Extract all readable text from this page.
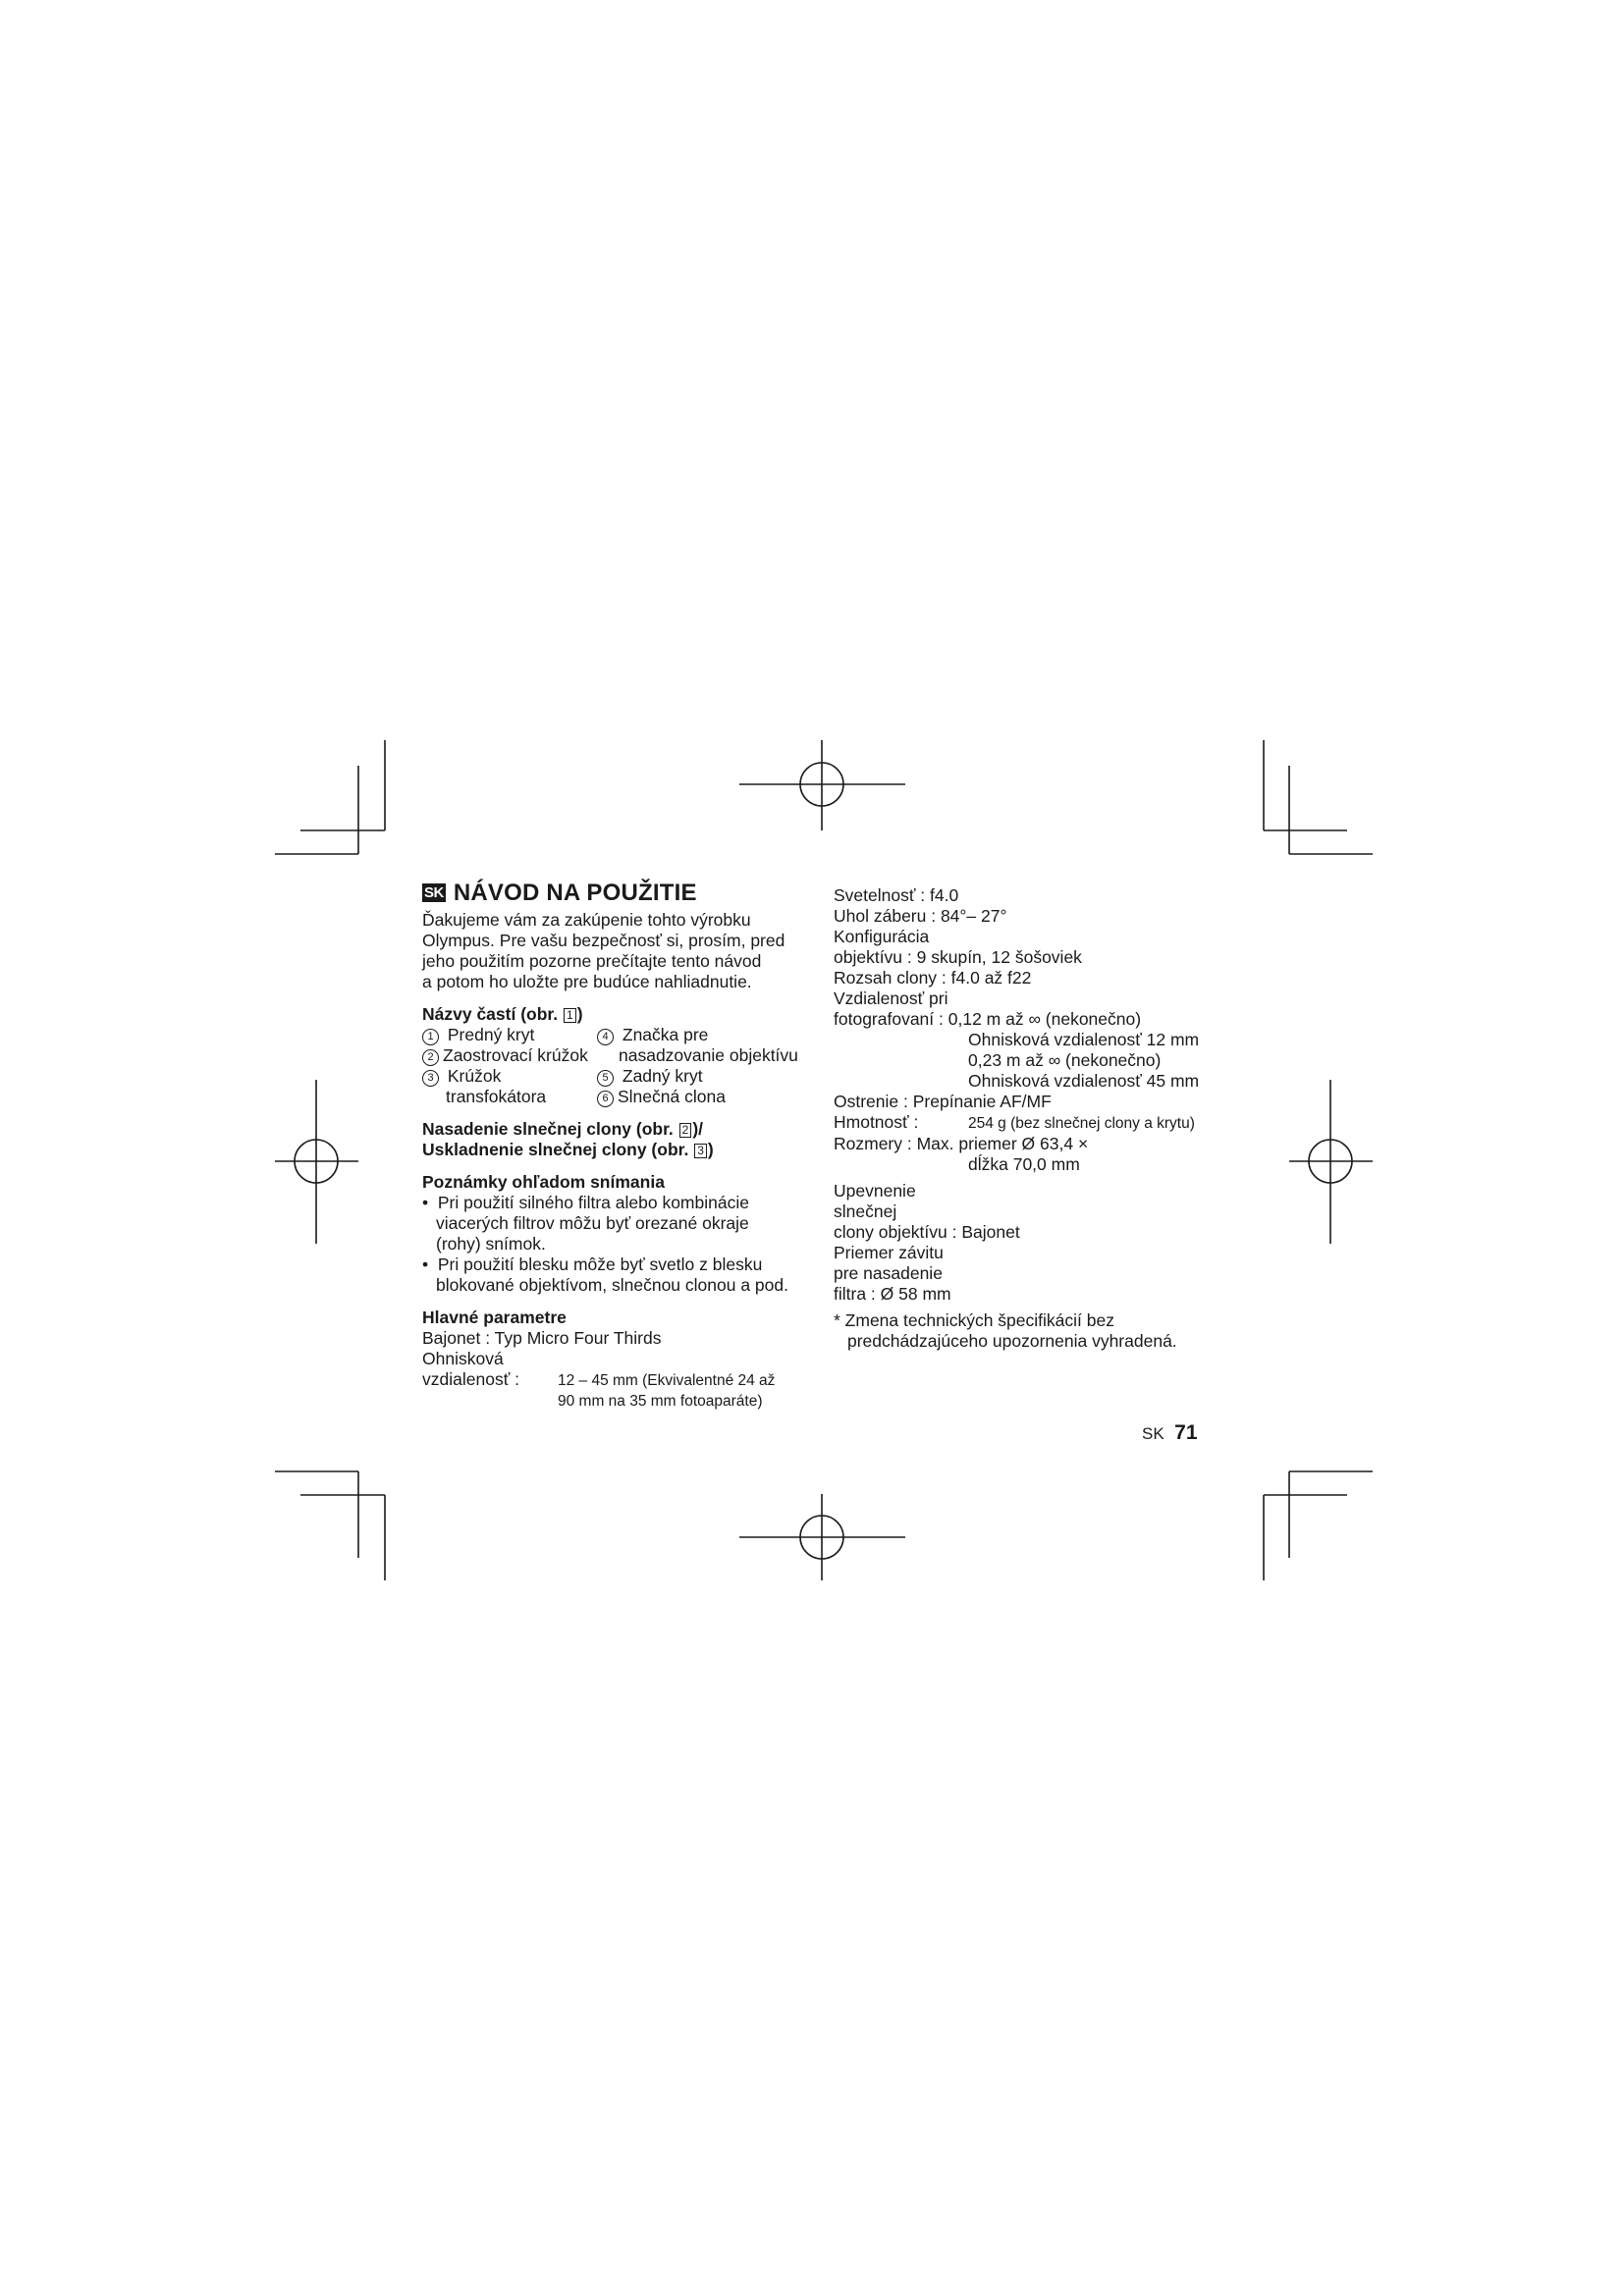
SK NÁVOD NA POUŽITIE

Ďakujeme vám za zakúpenie tohto výrobku

Olympus. Pre vašu bezpečnosť si, prosím, pred

jeho použitím pozorne prečítajte tento návod

a potom ho uložte pre budúce nahliadnutie.

Názvy častí (obr. 1 )

1 Predný kryt
2 Zaostrovací krúžok
3 Krúžok
transfokátora
4 Značka pre
nasadzovanie objektívu
5 Zadný kryt
6 Slnečná clona

Nasadenie slnečnej clony (obr. 2 )/

Uskladnenie slnečnej clony (obr. 3 )

Poznámky ohľadom snímania

•  Pri použití silného filtra alebo kombinácie

viacerých filtrov môžu byť orezané okraje

(rohy) snímok.

•  Pri použití blesku môže byť svetlo z blesku

blokované objektívom, slnečnou clonou a pod.

Hlavné parametre

Bajonet : Typ Micro Four Thirds

Ohnisková

vzdialenosť :	12 – 45 mm (Ekvivalentné 24 až

90 mm na 35 mm fotoaparáte)

Svetelnosť : f4.0

Uhol záberu : 84°– 27°

Konfigurácia

objektívu : 9 skupín, 12 šošoviek

Rozsah clony : f4.0 až f22

Vzdialenosť pri

fotografovaní : 0,12 m až ∞ (nekonečno)

Ohnisková vzdialenosť 12 mm

0,23 m až ∞ (nekonečno)

Ohnisková vzdialenosť 45 mm

Ostrenie : Prepínanie AF/MF

Hmotnosť :	254 g (bez slnečnej clony a krytu)

Rozmery : Max. priemer Ø 63,4 ×

dĺžka 70,0 mm

Upevnenie

slnečnej

clony objektívu : Bajonet

Priemer závitu

pre nasadenie

filtra : Ø 58 mm

* Zmena technických špecifikácií bez

predchádzajúceho upozornenia vyhradená.

SK 71
